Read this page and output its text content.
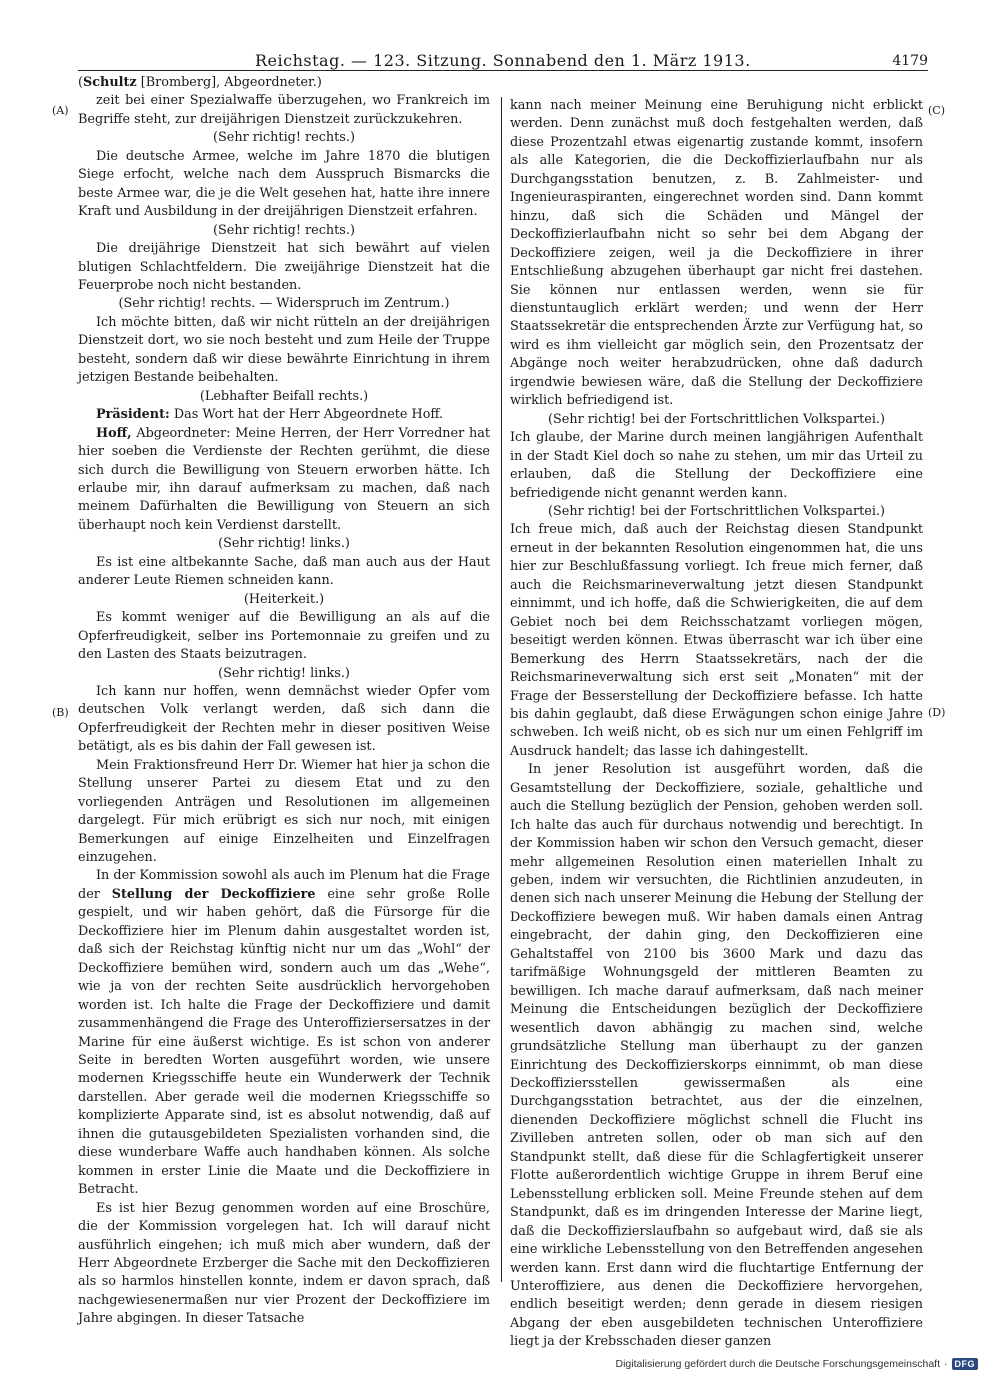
Reichstag. — 123. Sitzung. Sonnabend den 1. März 1913.	4179

(Schultz [Bromberg], Abgeordneter.)

zeit bei einer Spezialwaffe überzugehen, wo Frankreich im Begriffe steht, zur dreijährigen Dienstzeit zurückzukehren.

(Sehr richtig! rechts.)

Die deutsche Armee, welche im Jahre 1870 die blutigen Siege erfocht, welche nach dem Ausspruch Bismarcks die beste Armee war, die je die Welt gesehen hat, hatte ihre innere Kraft und Ausbildung in der dreijährigen Dienstzeit erfahren.

(Sehr richtig! rechts.)

Die dreijährige Dienstzeit hat sich bewährt auf vielen blutigen Schlachtfeldern. Die zweijährige Dienstzeit hat die Feuerprobe noch nicht bestanden.

(Sehr richtig! rechts. — Widerspruch im Zentrum.)

Ich möchte bitten, daß wir nicht rütteln an der dreijährigen Dienstzeit dort, wo sie noch besteht und zum Heile der Truppe besteht, sondern daß wir diese bewährte Einrichtung in ihrem jetzigen Bestande beibehalten.

(Lebhafter Beifall rechts.)

Präsident: Das Wort hat der Herr Abgeordnete Hoff.

Hoff, Abgeordneter: Meine Herren, der Herr Vorredner hat hier soeben die Verdienste der Rechten gerühmt, die diese sich durch die Bewilligung von Steuern erworben hätte. Ich erlaube mir, ihn darauf aufmerksam zu machen, daß nach meinem Dafürhalten die Bewilligung von Steuern an sich überhaupt noch kein Verdienst darstellt.

(Sehr richtig! links.)

Es ist eine altbekannte Sache, daß man auch aus der Haut anderer Leute Riemen schneiden kann.

(Heiterkeit.)

Es kommt weniger auf die Bewilligung an als auf die Opferfreudigkeit, selber ins Portemonnaie zu greifen und zu den Lasten des Staats beizutragen.

(Sehr richtig! links.)

Ich kann nur hoffen, wenn demnächst wieder Opfer vom deutschen Volk verlangt werden, daß sich dann die Opferfreudigkeit der Rechten mehr in dieser positiven Weise betätigt, als es bis dahin der Fall gewesen ist.

Mein Fraktionsfreund Herr Dr. Wiemer hat hier ja schon die Stellung unserer Partei zu diesem Etat und zu den vorliegenden Anträgen und Resolutionen im allgemeinen dargelegt. Für mich erübrigt es sich nur noch, mit einigen Bemerkungen auf einige Einzelheiten und Einzelfragen einzugehen.

In der Kommission sowohl als auch im Plenum hat die Frage der Stellung der Deckoffiziere eine sehr große Rolle gespielt, und wir haben gehört, daß die Fürsorge für die Deckoffiziere hier im Plenum dahin ausgestaltet worden ist, daß sich der Reichstag künftig nicht nur um das „Wohl“ der Deckoffiziere bemühen wird, sondern auch um das „Wehe“, wie ja von der rechten Seite ausdrücklich hervorgehoben worden ist. Ich halte die Frage der Deckoffiziere und damit zusammenhängend die Frage des Unteroffiziersersatzes in der Marine für eine äußerst wichtige. Es ist schon von anderer Seite in beredten Worten ausgeführt worden, wie unsere modernen Kriegsschiffe heute ein Wunderwerk der Technik darstellen. Aber gerade weil die modernen Kriegsschiffe so komplizierte Apparate sind, ist es absolut notwendig, daß auf ihnen die gutausgebildeten Spezialisten vorhanden sind, die diese wunderbare Waffe auch handhaben können. Als solche kommen in erster Linie die Maate und die Deckoffiziere in Betracht.

Es ist hier Bezug genommen worden auf eine Broschüre, die der Kommission vorgelegen hat. Ich will darauf nicht ausführlich eingehen; ich muß mich aber wundern, daß der Herr Abgeordnete Erzberger die Sache mit den Deckoffizieren als so harmlos hinstellen konnte, indem er davon sprach, daß nachgewiesenermaßen nur vier Prozent der Deckoffiziere im Jahre abgingen. In dieser Tatsache

kann nach meiner Meinung eine Beruhigung nicht erblickt werden. Denn zunächst muß doch festgehalten werden, daß diese Prozentzahl etwas eigenartig zustande kommt, insofern als alle Kategorien, die die Deckoffizierlaufbahn nur als Durchgangsstation benutzen, z. B. Zahlmeister- und Ingenieuraspiranten, eingerechnet worden sind. Dann kommt hinzu, daß sich die Schäden und Mängel der Deckoffizierlaufbahn nicht so sehr bei dem Abgang der Deckoffiziere zeigen, weil ja die Deckoffiziere in ihrer Entschließung abzugehen überhaupt gar nicht frei dastehen. Sie können nur entlassen werden, wenn sie für dienstuntauglich erklärt werden; und wenn der Herr Staatssekretär die entsprechenden Ärzte zur Verfügung hat, so wird es ihm vielleicht gar möglich sein, den Prozentsatz der Abgänge noch weiter herabzudrücken, ohne daß dadurch irgendwie bewiesen wäre, daß die Stellung der Deckoffiziere wirklich befriedigend ist.

(Sehr richtig! bei der Fortschrittlichen Volkspartei.)

Ich glaube, der Marine durch meinen langjährigen Aufenthalt in der Stadt Kiel doch so nahe zu stehen, um mir das Urteil zu erlauben, daß die Stellung der Deckoffiziere eine befriedigende nicht genannt werden kann.

(Sehr richtig! bei der Fortschrittlichen Volkspartei.)

Ich freue mich, daß auch der Reichstag diesen Standpunkt erneut in der bekannten Resolution eingenommen hat, die uns hier zur Beschlußfassung vorliegt. Ich freue mich ferner, daß auch die Reichsmarineverwaltung jetzt diesen Standpunkt einnimmt, und ich hoffe, daß die Schwierigkeiten, die auf dem Gebiet noch bei dem Reichsschatzamt vorliegen mögen, beseitigt werden können. Etwas überrascht war ich über eine Bemerkung des Herrn Staatssekretärs, nach der die Reichsmarineverwaltung sich erst seit „Monaten“ mit der Frage der Besserstellung der Deckoffiziere befasse. Ich hatte bis dahin geglaubt, daß diese Erwägungen schon einige Jahre schweben. Ich weiß nicht, ob es sich nur um einen Fehlgriff im Ausdruck handelt; das lasse ich dahingestellt.

In jener Resolution ist ausgeführt worden, daß die Gesamtstellung der Deckoffiziere, soziale, gehaltliche und auch die Stellung bezüglich der Pension, gehoben werden soll. Ich halte das auch für durchaus notwendig und berechtigt. In der Kommission haben wir schon den Versuch gemacht, dieser mehr allgemeinen Resolution einen materiellen Inhalt zu geben, indem wir versuchten, die Richtlinien anzudeuten, in denen sich nach unserer Meinung die Hebung der Stellung der Deckoffiziere bewegen muß. Wir haben damals einen Antrag eingebracht, der dahin ging, den Deckoffizieren eine Gehaltstaffel von 2100 bis 3600 Mark und dazu das tarifmäßige Wohnungsgeld der mittleren Beamten zu bewilligen. Ich mache darauf aufmerksam, daß nach meiner Meinung die Entscheidungen bezüglich der Deckoffiziere wesentlich davon abhängig zu machen sind, welche grundsätzliche Stellung man überhaupt zu der ganzen Einrichtung des Deckoffizierskorps einnimmt, ob man diese Deckoffiziersstellen gewissermaßen als eine Durchgangsstation betrachtet, aus der die einzelnen, dienenden Deckoffiziere möglichst schnell die Flucht ins Zivilleben antreten sollen, oder ob man sich auf den Standpunkt stellt, daß diese für die Schlagfertigkeit unserer Flotte außerordentlich wichtige Gruppe in ihrem Beruf eine Lebensstellung erblicken soll. Meine Freunde stehen auf dem Standpunkt, daß es im dringenden Interesse der Marine liegt, daß die Deckoffizierslaufbahn so aufgebaut wird, daß sie als eine wirkliche Lebensstellung von den Betreffenden angesehen werden kann. Erst dann wird die fluchtartige Entfernung der Unteroffiziere, aus denen die Deckoffiziere hervorgehen, endlich beseitigt werden; denn gerade in diesem riesigen Abgang der eben ausgebildeten technischen Unteroffiziere liegt ja der Krebsschaden dieser ganzen

(A)
(B)
(C)
(D)
Digitalisierung gefördert durch die Deutsche Forschungsgemeinschaft · DFG
